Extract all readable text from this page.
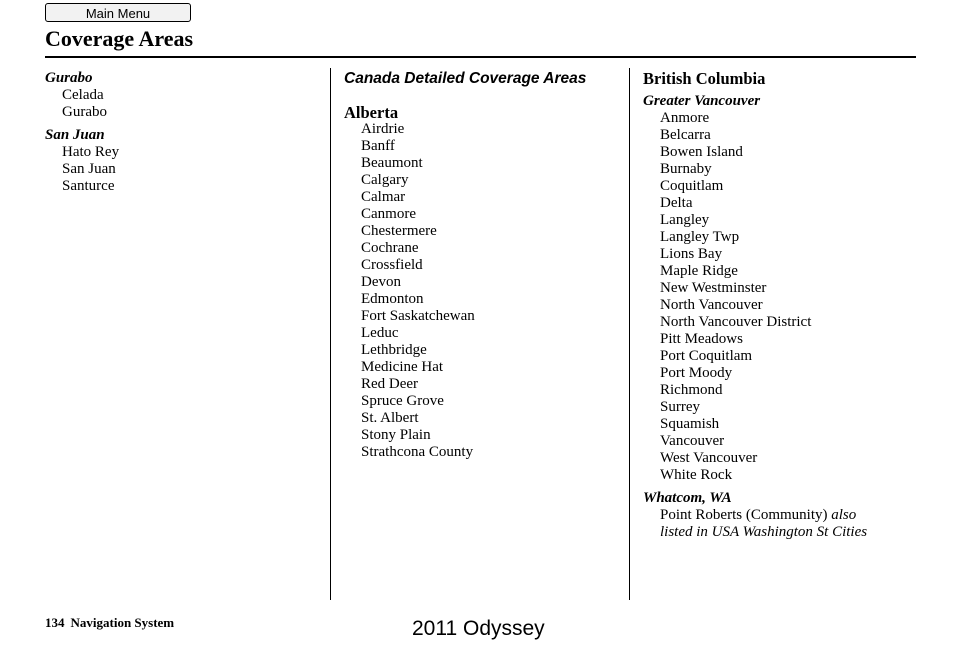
Main Menu
Coverage Areas
Gurabo
Celada
Gurabo
San Juan
Hato Rey
San Juan
Santurce
Canada Detailed Coverage Areas
Alberta
Airdrie
Banff
Beaumont
Calgary
Calmar
Canmore
Chestermere
Cochrane
Crossfield
Devon
Edmonton
Fort Saskatchewan
Leduc
Lethbridge
Medicine Hat
Red Deer
Spruce Grove
St. Albert
Stony Plain
Strathcona County
British Columbia
Greater Vancouver
Anmore
Belcarra
Bowen Island
Burnaby
Coquitlam
Delta
Langley
Langley Twp
Lions Bay
Maple Ridge
New Westminster
North Vancouver
North Vancouver District
Pitt Meadows
Port Coquitlam
Port Moody
Richmond
Surrey
Squamish
Vancouver
West Vancouver
White Rock
Whatcom, WA
Point Roberts (Community) also
listed in USA Washington St Cities
134 Navigation System	2011 Odyssey
